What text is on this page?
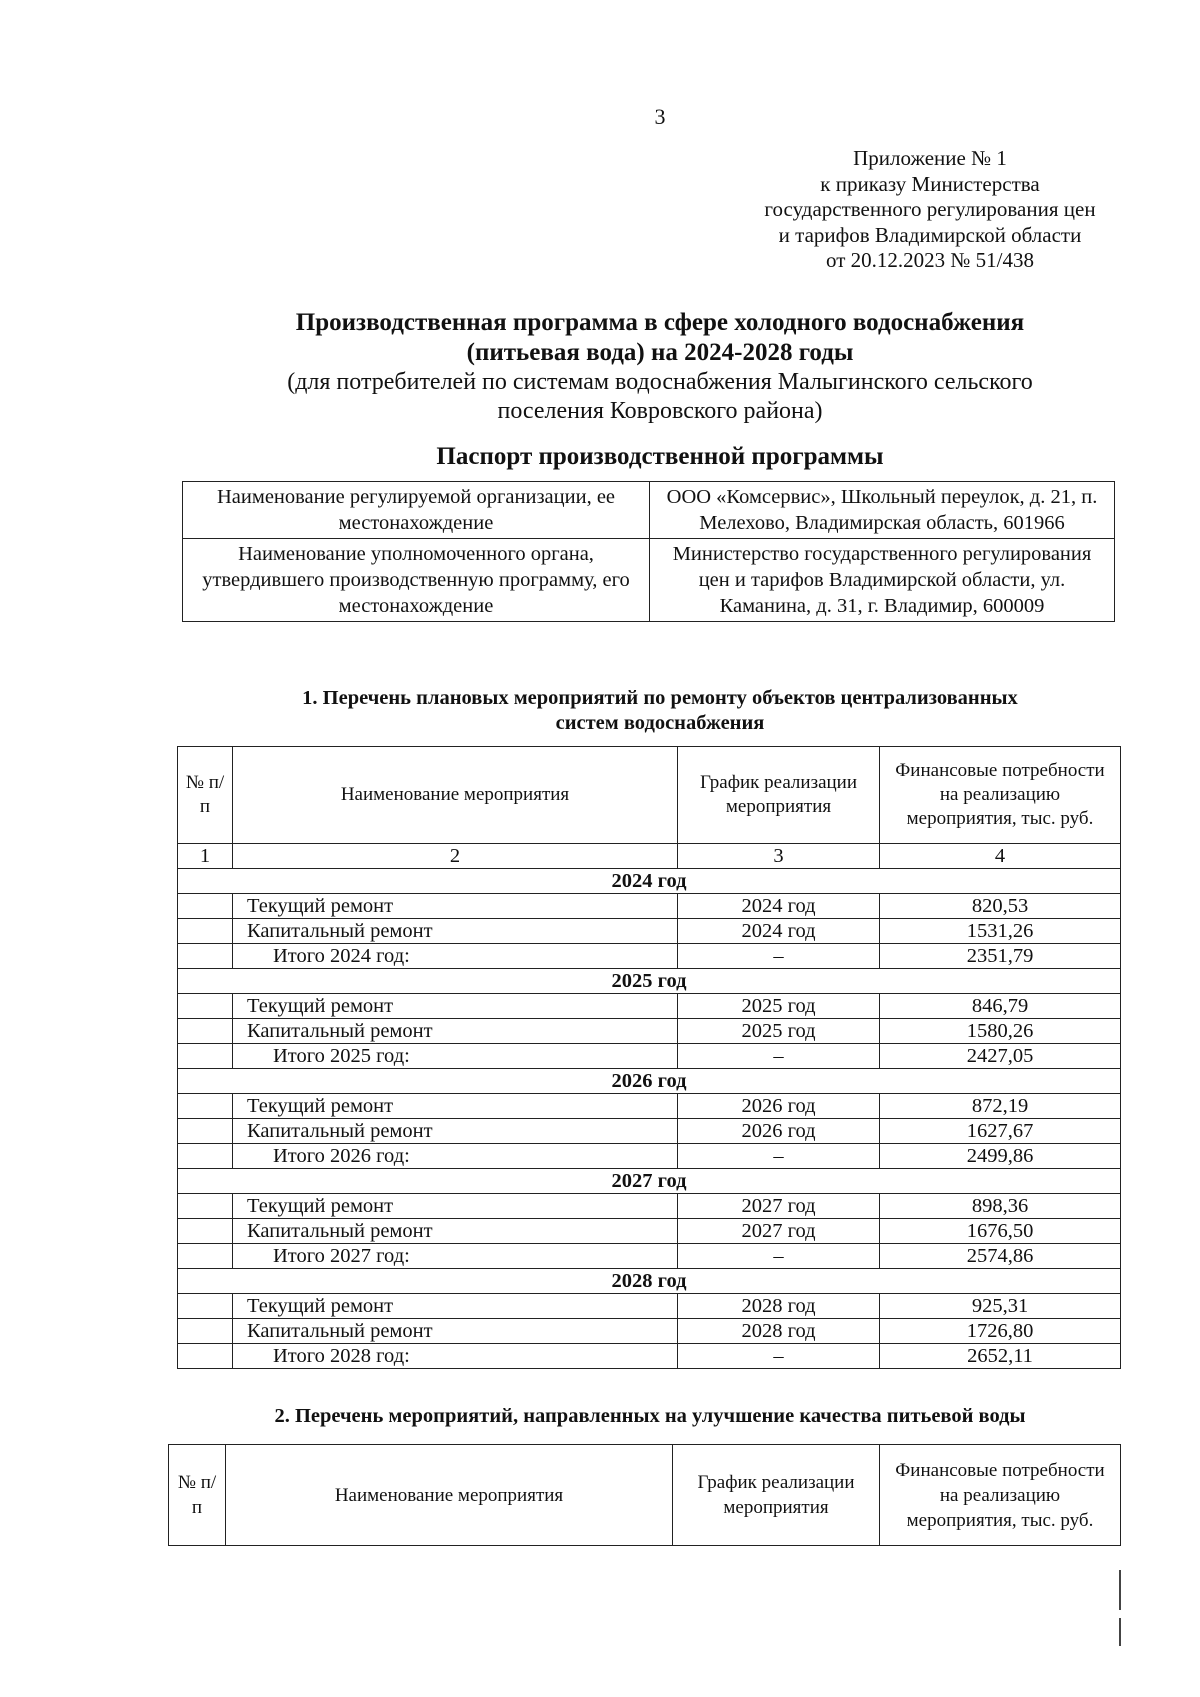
3
Приложение № 1
к приказу Министерства
государственного регулирования цен
и тарифов Владимирской области
от 20.12.2023 № 51/438
Производственная программа в сфере холодного водоснабжения
(питьевая вода) на 2024-2028 годы
(для потребителей по системам водоснабжения Малыгинского сельского
поселения Ковровского района)
Паспорт производственной программы
Наименование регулируемой организации, ее местонахождение	ООО «Комсервис», Школьный переулок, д. 21, п. Мелехово, Владимирская область, 601966
Наименование уполномоченного органа, утвердившего производственную программу, его местонахождение	Министерство государственного регулирования цен и тарифов Владимирской области, ул. Каманина, д. 31, г. Владимир, 600009
1. Перечень плановых мероприятий по ремонту объектов централизованных
систем водоснабжения
№ п/п	Наименование мероприятия	График реализации мероприятия	Финансовые потребности на реализацию мероприятия, тыс. руб.
1	2	3	4
2024 год			
	Текущий ремонт	2024 год	820,53
	Капитальный ремонт	2024 год	1531,26
	Итого 2024 год:	–	2351,79
2025 год			
	Текущий ремонт	2025 год	846,79
	Капитальный ремонт	2025 год	1580,26
	Итого 2025 год:	–	2427,05
2026 год			
	Текущий ремонт	2026 год	872,19
	Капитальный ремонт	2026 год	1627,67
	Итого 2026 год:	–	2499,86
2027 год			
	Текущий ремонт	2027 год	898,36
	Капитальный ремонт	2027 год	1676,50
	Итого 2027 год:	–	2574,86
2028 год			
	Текущий ремонт	2028 год	925,31
	Капитальный ремонт	2028 год	1726,80
	Итого 2028 год:	–	2652,11
2. Перечень мероприятий, направленных на улучшение качества питьевой воды
№ п/п	Наименование мероприятия	График реализации мероприятия	Финансовые потребности на реализацию мероприятия, тыс. руб.
